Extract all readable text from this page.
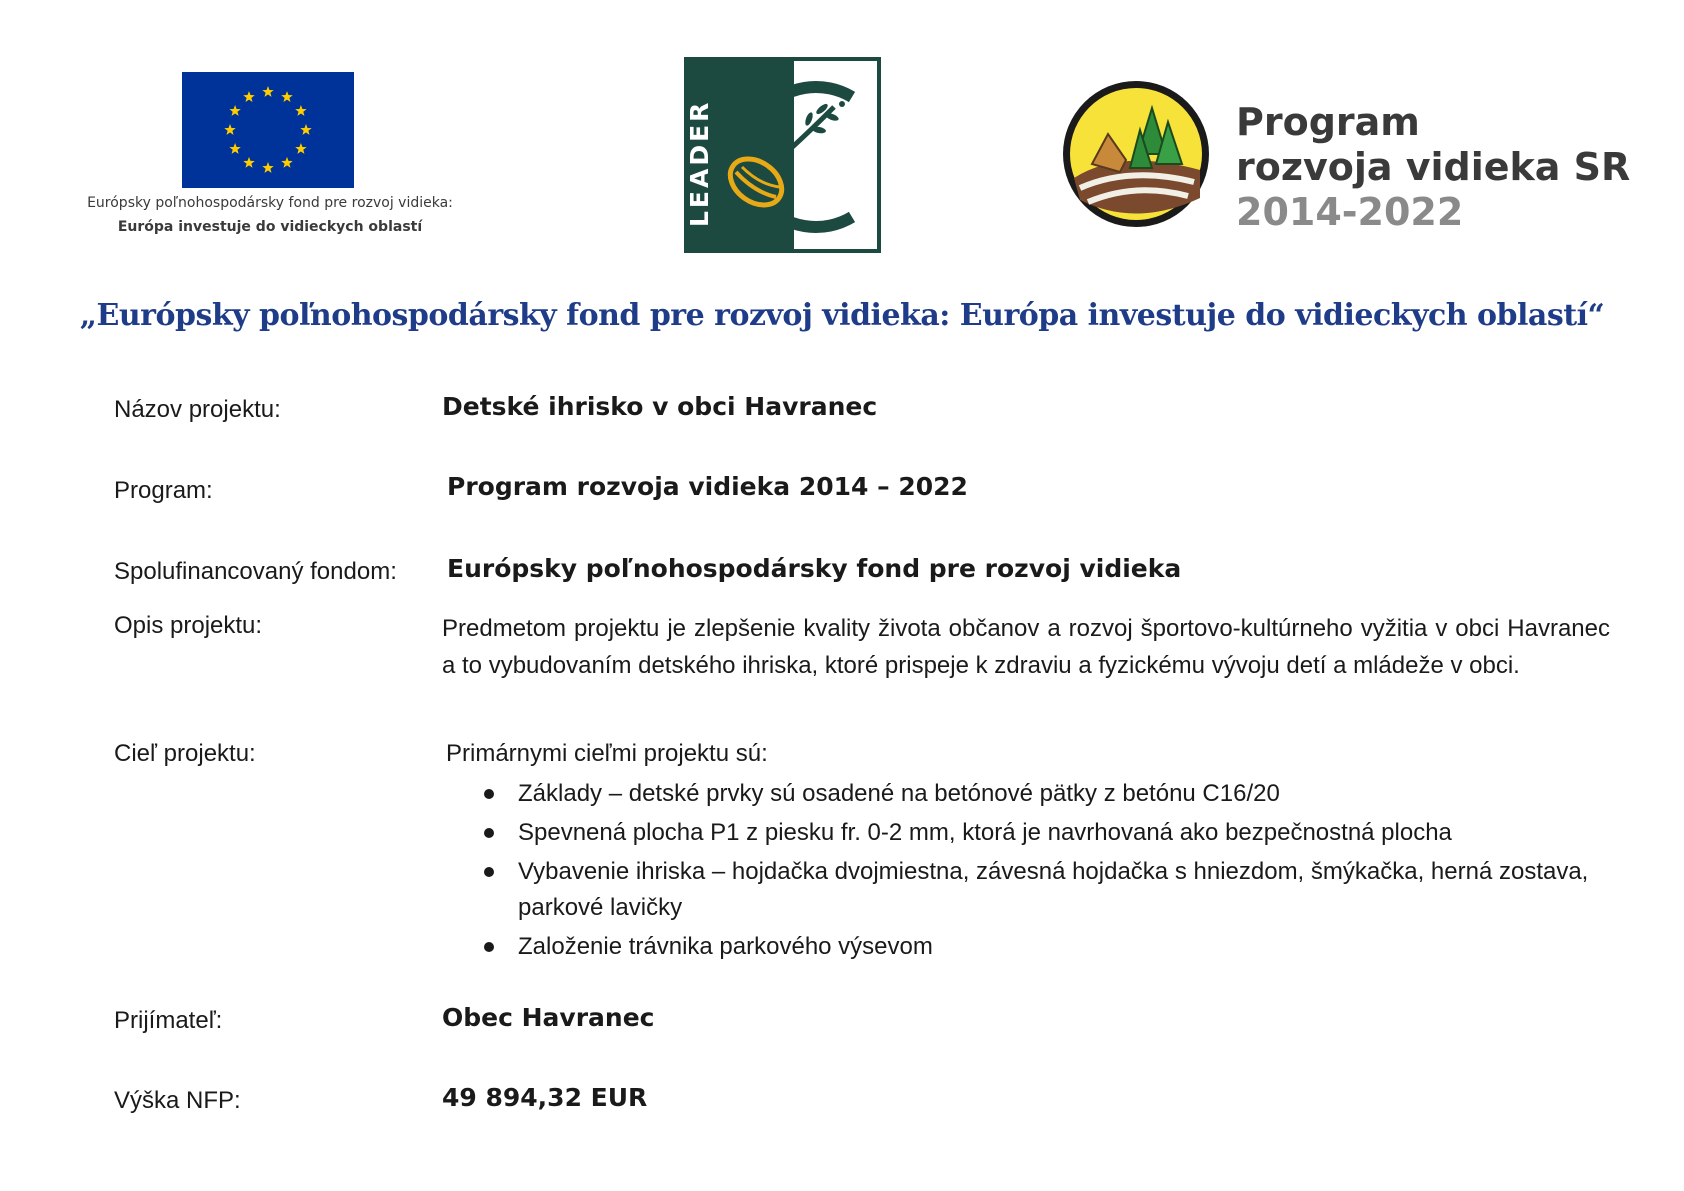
Európsky poľnohospodársky fond pre rozvoj vidieka:
Európa investuje do vidieckych oblastí	LEADER	Program
rozvoja vidieka SR
2014-2022
„Európsky poľnohospodársky fond pre rozvoj vidieka: Európa investuje do vidieckych oblastí“
Názov projektu:	Detské ihrisko v obci Havranec
Program:	Program rozvoja vidieka 2014 – 2022
Spolufinancovaný fondom: Európsky poľnohospodársky fond pre rozvoj vidieka
Opis projektu:	Predmetom projektu je zlepšenie kvality života občanov a rozvoj športovo-kultúrneho vyžitia v obci Havranec a to vybudovaním detského ihriska, ktoré prispeje k zdraviu a fyzickému vývoju detí a mládeže v obci.
Cieľ projektu:	Primárnymi cieľmi projektu sú:
Základy – detské prvky sú osadené na betónové pätky z betónu C16/20
Spevnená plocha P1 z piesku fr. 0-2 mm, ktorá je navrhovaná ako bezpečnostná plocha
Vybavenie ihriska – hojdačka dvojmiestna, závesná hojdačka s hniezdom, šmýkačka, herná zostava, parkové lavičky
Založenie trávnika parkového výsevom
Prijímateľ:	Obec Havranec
Výška NFP:	49 894,32 EUR
